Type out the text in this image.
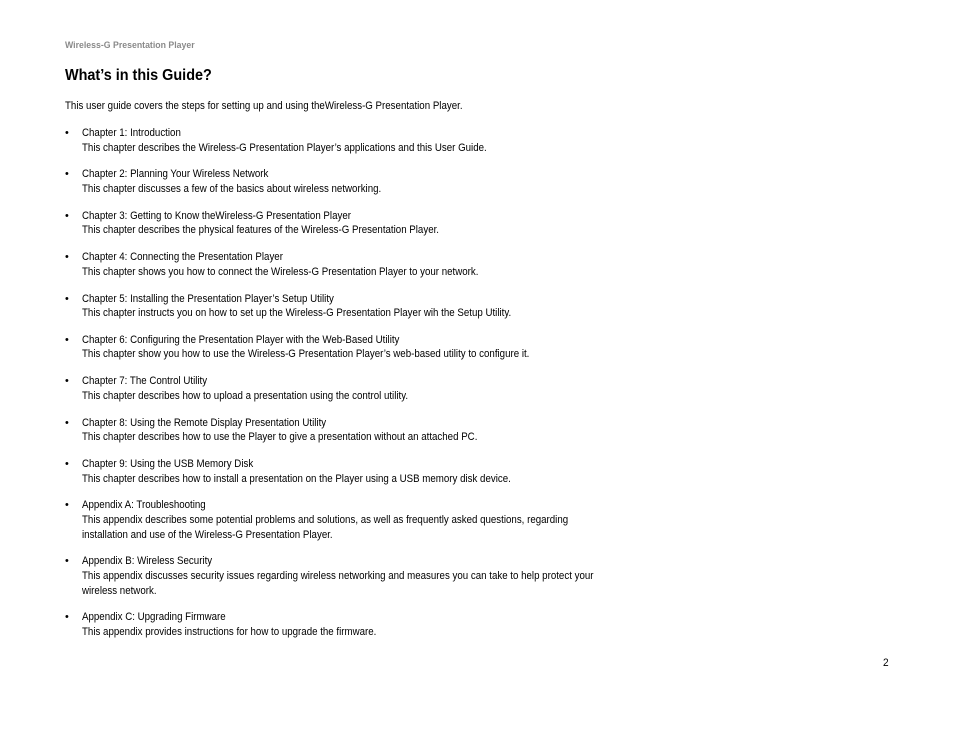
Wireless-G Presentation Player
What’s in this Guide?

This user guide covers the steps for setting up and using theWireless-G Presentation Player.

• Chapter 1: Introduction
This chapter describes the Wireless-G Presentation Player’s applications and this User Guide.
• Chapter 2: Planning Your Wireless Network
This chapter discusses a few of the basics about wireless networking.
• Chapter 3: Getting to Know theWireless-G Presentation Player
This chapter describes the physical features of the Wireless-G Presentation Player.
• Chapter 4: Connecting the Presentation Player
This chapter shows you how to connect the Wireless-G Presentation Player to your network.
• Chapter 5: Installing the Presentation Player’s Setup Utility
This chapter instructs you on how to set up the Wireless-G Presentation Player wih the Setup Utility.
• Chapter 6: Configuring the Presentation Player with the Web-Based Utility
This chapter show you how to use the Wireless-G Presentation Player’s web-based utility to configure it.
• Chapter 7: The Control Utility
This chapter describes how to upload a presentation using the control utility.
• Chapter 8: Using the Remote Display Presentation Utility
This chapter describes how to use the Player to give a presentation without an attached PC.
• Chapter 9: Using the USB Memory Disk
This chapter describes how to install a presentation on the Player using a USB memory disk device.
• Appendix A: Troubleshooting
This appendix describes some potential problems and solutions, as well as frequently asked questions, regarding installation and use of the Wireless-G Presentation Player.
• Appendix B: Wireless Security
This appendix discusses security issues regarding wireless networking and measures you can take to help protect your wireless network.
• Appendix C: Upgrading Firmware
This appendix provides instructions for how to upgrade the firmware.
2
